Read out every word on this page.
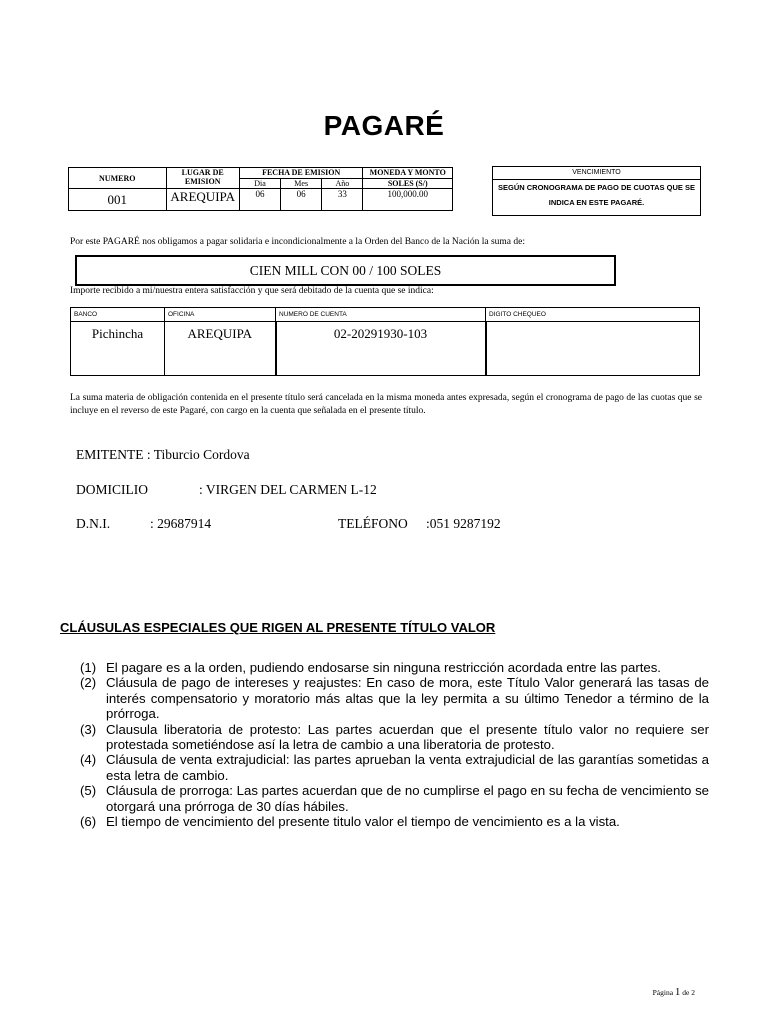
PAGARÉ
NUMERO	LUGAR DE EMISION	FECHA DE EMISION			MONEDA Y MONTO
		Dia	Mes	Año	SOLES (S/)
001	AREQUIPA	06	06	33	100,000.00
VENCIMIENTO
SEGÚN CRONOGRAMA DE PAGO DE CUOTAS QUE SE INDICA EN ESTE PAGARÉ.
Por este PAGARÉ nos obligamos a pagar solidaria e incondicionalmente a la Orden del Banco de la Nación la suma de:
CIEN MILL CON 00 / 100 SOLES
Importe recibido a mi/nuestra entera satisfacción y que será debitado de la cuenta que se indica:
BANCO	OFICINA	NUMERO DE CUENTA	DIGITO CHEQUEO
Pichincha	AREQUIPA	02-20291930-103	
La suma materia de obligación contenida en el presente título será cancelada en la misma moneda antes expresada, según el cronograma de pago de las cuotas que se incluye en el reverso de este Pagaré, con cargo en la cuenta que señalada en el presente título.
EMITENTE : Tiburcio Cordova
DOMICILIO	: VIRGEN DEL CARMEN L-12
D.N.I.	: 29687914	TELÉFONO :051 9287192
CLÁUSULAS ESPECIALES QUE RIGEN AL PRESENTE TÍTULO VALOR
(1) El pagare es a la orden, pudiendo endosarse sin ninguna restricción acordada entre las partes.
(2) Cláusula de pago de intereses y reajustes: En caso de mora, este Título Valor generará las tasas de interés compensatorio y moratorio más altas que la ley permita a su último Tenedor a término de la prórroga.
(3) Clausula liberatoria de protesto: Las partes acuerdan que el presente título valor no requiere ser protestada sometiéndose así la letra de cambio a una liberatoria de protesto.
(4) Cláusula de venta extrajudicial: las partes aprueban la venta extrajudicial de las garantías sometidas a esta letra de cambio.
(5) Cláusula de prorroga: Las partes acuerdan que de no cumplirse el pago en su fecha de vencimiento se otorgará una prórroga de 30 días hábiles.
(6) El tiempo de vencimiento del presente titulo valor el tiempo de vencimiento es a la vista.
Página 1 de 2
